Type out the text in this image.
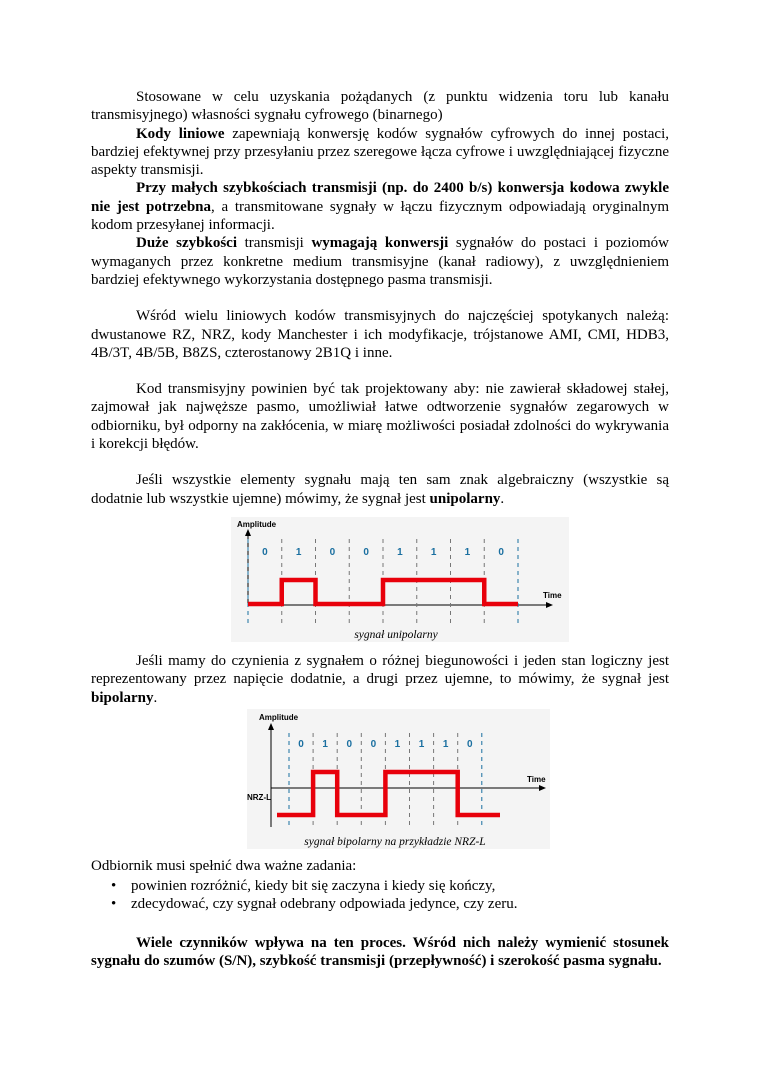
Stosowane w celu uzyskania pożądanych (z punktu widzenia toru lub kanału transmisyjnego) własności sygnału cyfrowego (binarnego)

Kody liniowe zapewniają konwersję kodów sygnałów cyfrowych do innej postaci, bardziej efektywnej przy przesyłaniu przez szeregowe łącza cyfrowe i uwzględniającej fizyczne aspekty transmisji.

Przy małych szybkościach transmisji (np. do 2400 b/s) konwersja kodowa zwykle nie jest potrzebna, a transmitowane sygnały w łączu fizycznym odpowiadają oryginalnym kodom przesyłanej informacji.

Duże szybkości transmisji wymagają konwersji sygnałów do postaci i poziomów wymaganych przez konkretne medium transmisyjne (kanał radiowy), z uwzględnieniem bardziej efektywnego wykorzystania dostępnego pasma transmisji.

Wśród wielu liniowych kodów transmisyjnych do najczęściej spotykanych należą: dwustanowe RZ, NRZ, kody Manchester i ich modyfikacje, trójstanowe AMI, CMI, HDB3, 4B/3T, 4B/5B, B8ZS, czterostanowy 2B1Q i inne.

Kod transmisyjny powinien być tak projektowany aby: nie zawierał składowej stałej, zajmował jak najwęższe pasmo, umożliwiał łatwe odtworzenie sygnałów zegarowych w odbiorniku, był odporny na zakłócenia, w miarę możliwości posiadał zdolności do wykrywania i korekcji błędów.

Jeśli wszystkie elementy sygnału mają ten sam znak algebraiczny (wszystkie są dodatnie lub wszystkie ujemne) mówimy, że sygnał jest unipolarny.

Amplitude
Time
0	1	0	0	1	1	1	0
sygnał unipolarny

Jeśli mamy do czynienia z sygnałem o różnej biegunowości i jeden stan logiczny jest reprezentowany przez napięcie dodatnie, a drugi przez ujemne, to mówimy, że sygnał jest bipolarny.

Amplitude
Time
NRZ-L
0 1 0 0 1 1 1 0
sygnał bipolarny na przykładzie NRZ-L

Odbiornik musi spełnić dwa ważne zadania:

• powinien rozróżnić, kiedy bit się zaczyna i kiedy się kończy,
• zdecydować, czy sygnał odebrany odpowiada jedynce, czy zeru.

Wiele czynników wpływa na ten proces. Wśród nich należy wymienić stosunek sygnału do szumów (S/N), szybkość transmisji (przepływność) i szerokość pasma sygnału.
